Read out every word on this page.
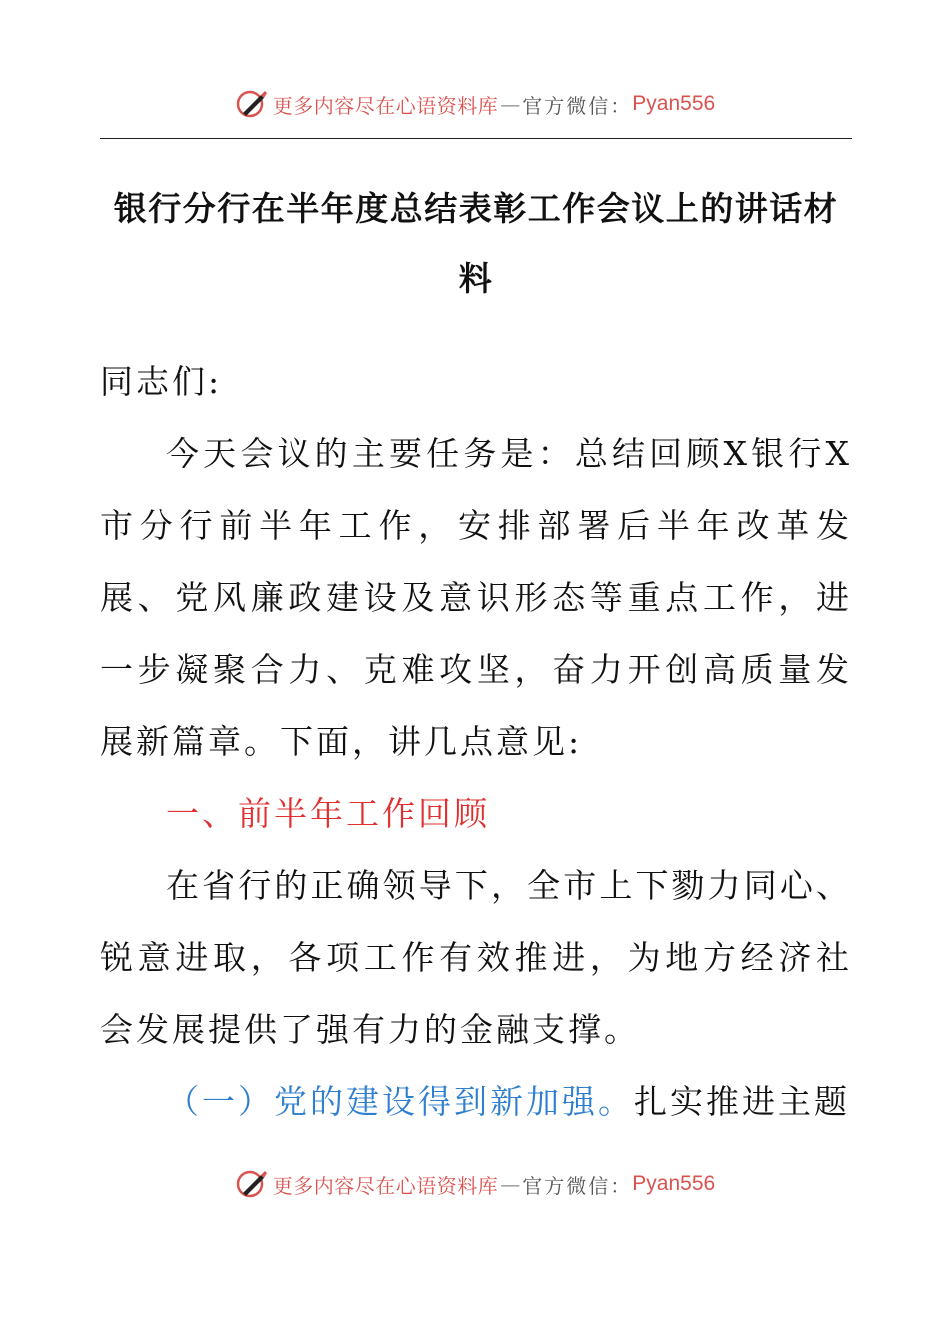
更多内容尽在心语资料库 — 官方微信： Pyan556
银行分行在半年度总结表彰工作会议上的讲话材料

同志们:

今天会议的主要任务是：总结回顾X银行X市分行前半年工作，安排部署后半年改革发展、党风廉政建设及意识形态等重点工作，进一步凝聚合力、克难攻坚，奋力开创高质量发展新篇章。下面，讲几点意见:

一、前半年工作回顾

在省行的正确领导下，全市上下勠力同心、锐意进取，各项工作有效推进，为地方经济社会发展提供了强有力的金融支撑。

（一）党的建设得到新加强。扎实推进主题

更多内容尽在心语资料库 — 官方微信： Pyan556
